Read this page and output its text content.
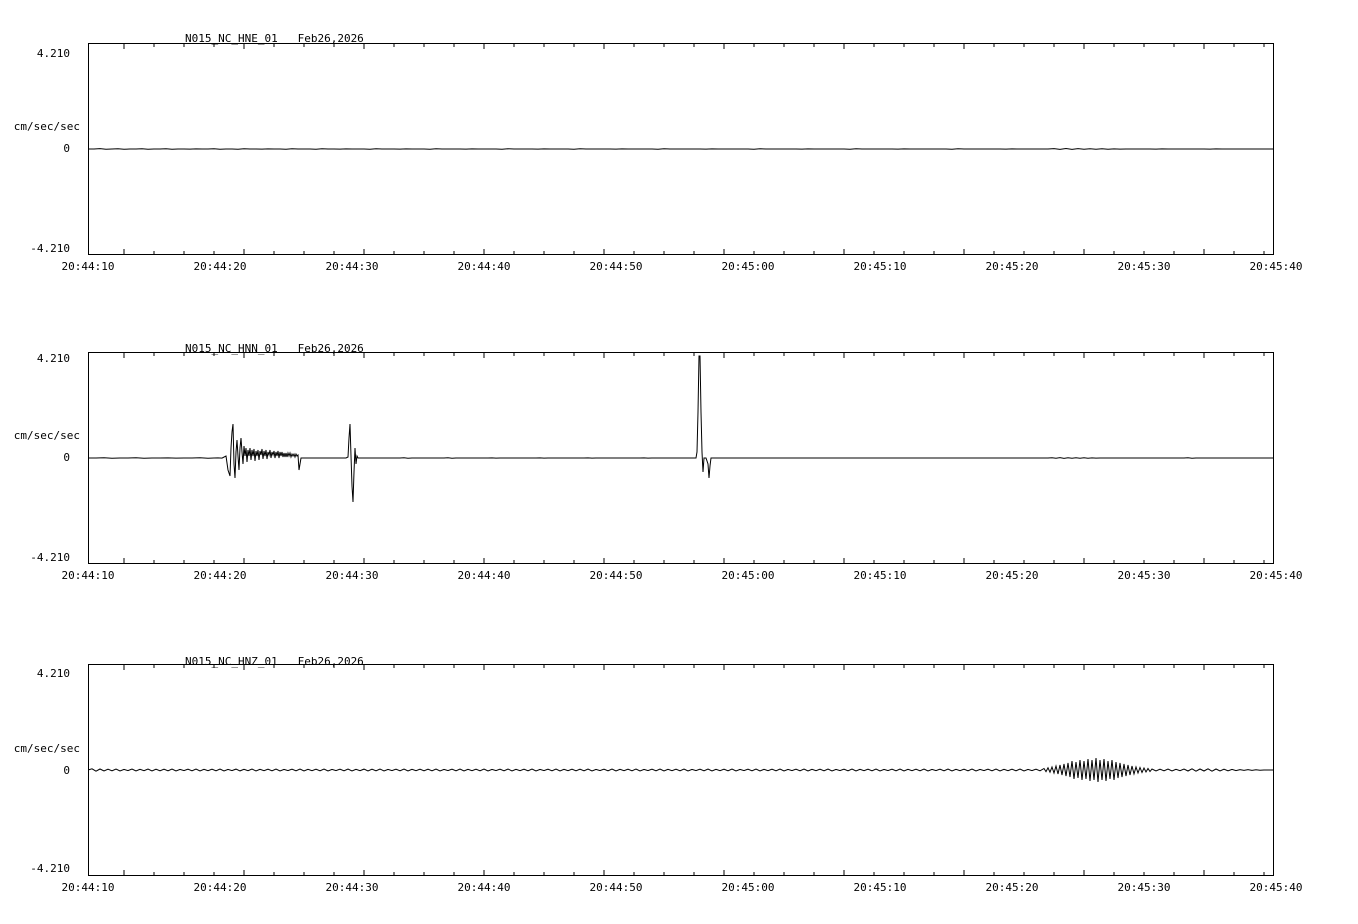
N015_NC_HNE_01   Feb26,2026
4.210
cm/sec/sec
0
-4.210
20:44:10	20:44:20	20:44:30	20:44:40	20:44:50	20:45:00	20:45:10	20:45:20	20:45:30	20:45:40
N015_NC_HNN_01   Feb26,2026
4.210
cm/sec/sec
0
-4.210
20:44:10	20:44:20	20:44:30	20:44:40	20:44:50	20:45:00	20:45:10	20:45:20	20:45:30	20:45:40
N015_NC_HNZ_01   Feb26,2026
4.210
cm/sec/sec
0
-4.210
20:44:10	20:44:20	20:44:30	20:44:40	20:44:50	20:45:00	20:45:10	20:45:20	20:45:30	20:45:40
